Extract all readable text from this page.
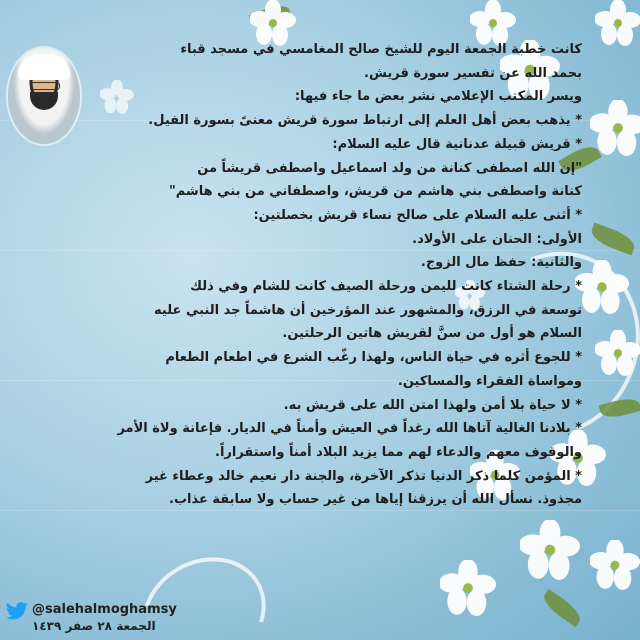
كانت خطبة الجمعة اليوم للشيخ صالح المغامسي في مسجد قباء
بحمد الله عن تفسير سورة قريش.
ويسر المكتب الإعلامي نشر بعض ما جاء فيها:
* يذهب بعض أهل العلم إلى ارتباط سورة قريش معنىً بسورة الفيل.
* قريش قبيلة عدنانية قال عليه السلام:
"إن الله اصطفى كنانة من ولد اسماعيل واصطفى قريشاً من
كنانة واصطفى بني هاشم من قريش، واصطفاني من بني هاشم"
* أثنى عليه السلام على صالح نساء قريش بخصلتين:
الأولى: الحنان على الأولاد.
والثانية: حفظ مال الزوج.
* رحلة الشتاء كانت لليمن ورحلة الصيف كانت للشام وفي ذلك
توسعة في الرزق، والمشهور عند المؤرخين أن هاشماً جد النبي عليه
السلام هو أول من سنَّ لقريش هاتين الرحلتين.
* للجوع أثره في حياة الناس، ولهذا رغّب الشرع في اطعام الطعام
ومواساة الفقراء والمساكين.
* لا حياة بلا أمن ولهذا امتن الله على قريش به.
* بلادنا الغالية آتاها الله رغداً في العيش وأمناً في الديار. فإعانة ولاة الأمر
والوقوف معهم والدعاء لهم مما يزيد البلاد أمناً واستقراراً.
* المؤمن كلما ذكر الدنيا تذكر الآخرة، والجنة دار نعيم خالد وعطاء غير
مجذوذ. نسأل الله أن يرزقنا إياها من غير حساب ولا سابقة عذاب.
@salehalmoghamsy
الجمعة ٢٨ صفر ١٤٣٩
